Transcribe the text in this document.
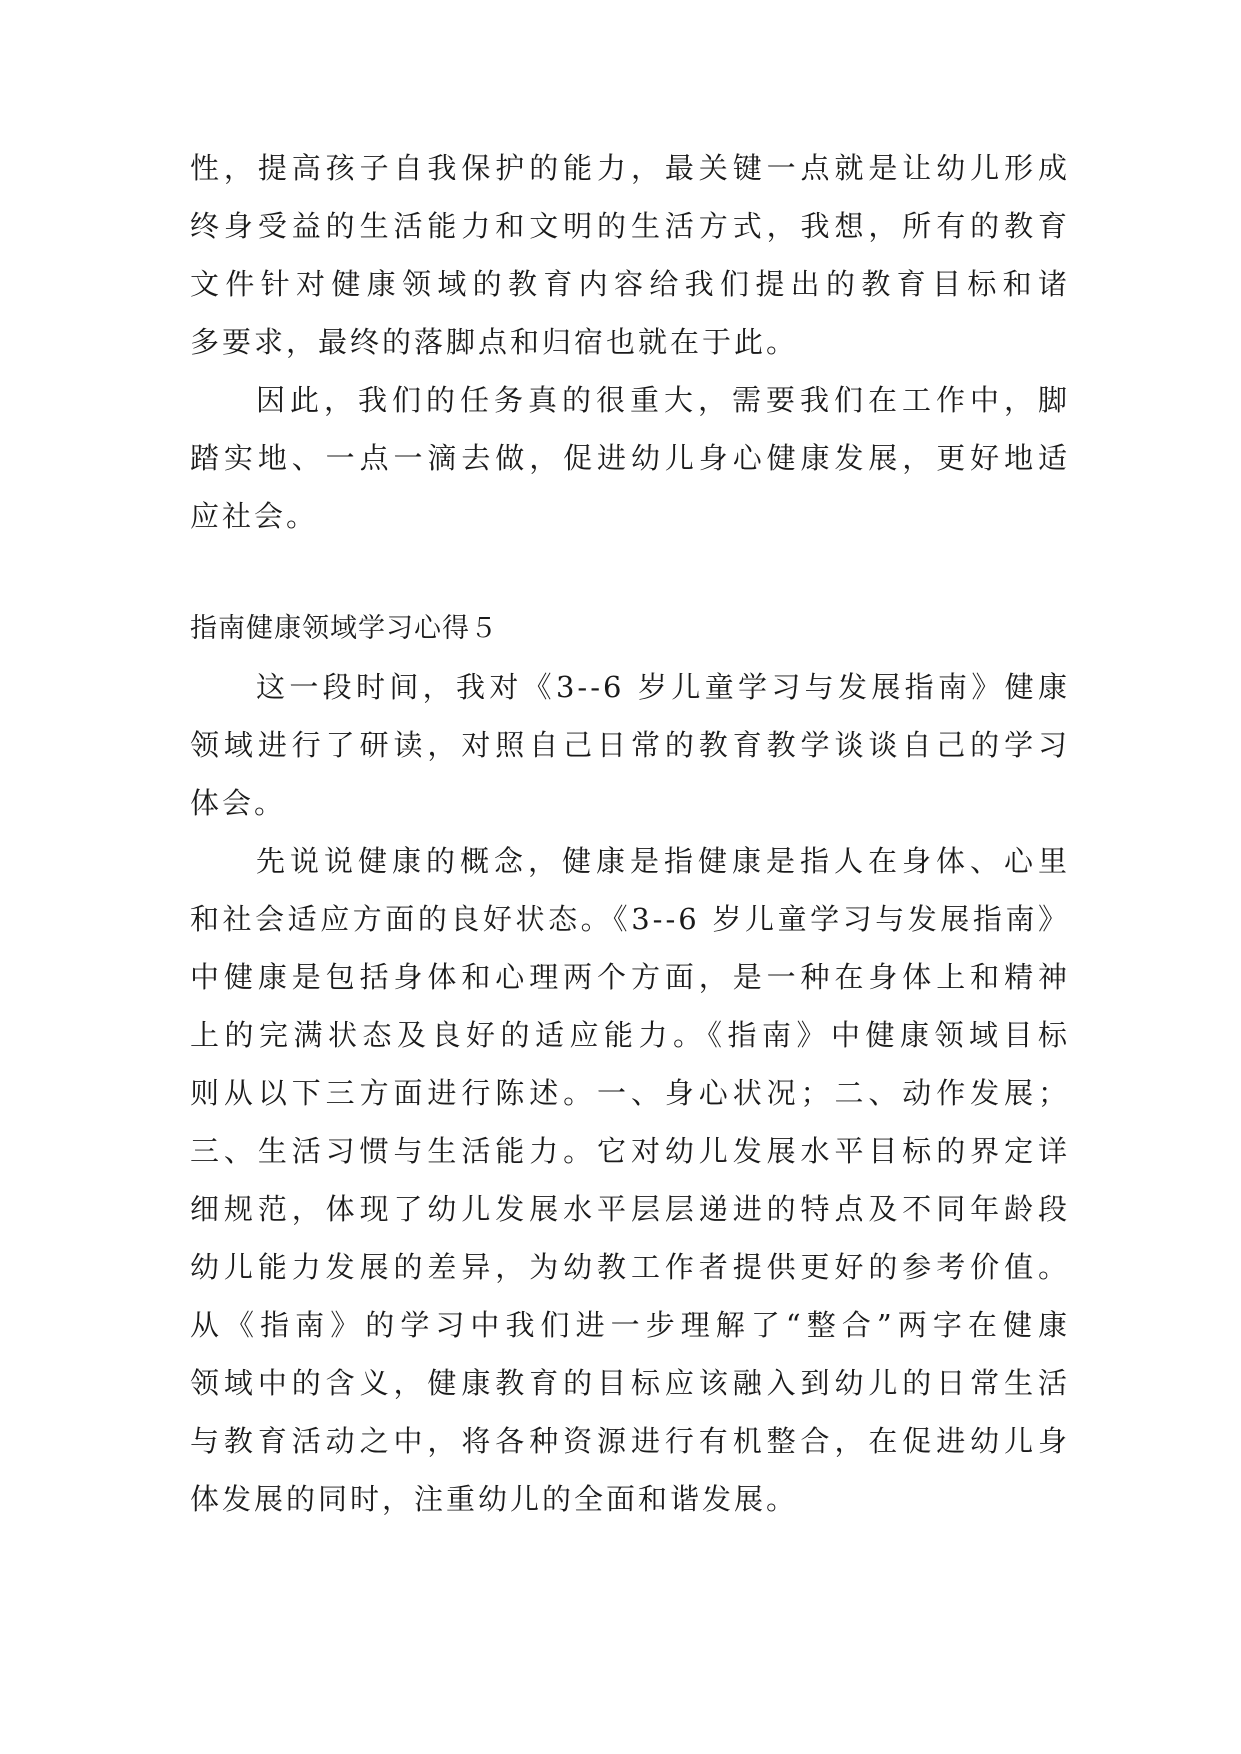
性，提高孩子自我保护的能力，最关键一点就是让幼儿形成
终身受益的生活能力和文明的生活方式，我想，所有的教育
文件针对健康领域的教育内容给我们提出的教育目标和诸
多要求，最终的落脚点和归宿也就在于此。
因此，我们的任务真的很重大，需要我们在工作中，脚
踏实地、一点一滴去做，促进幼儿身心健康发展，更好地适
应社会。
指南健康领域学习心得５
这一段时间，我对《3--6 岁儿童学习与发展指南》健康
领域进行了研读，对照自己日常的教育教学谈谈自己的学习
体会。
先说说健康的概念，健康是指健康是指人在身体、心里
和社会适应方面的良好状态。《3--6 岁儿童学习与发展指南》
中健康是包括身体和心理两个方面，是一种在身体上和精神
上的完满状态及良好的适应能力。《指南》中健康领域目标
则从以下三方面进行陈述。一、身心状况；二、动作发展；
三、生活习惯与生活能力。它对幼儿发展水平目标的界定详
细规范，体现了幼儿发展水平层层递进的特点及不同年龄段
幼儿能力发展的差异，为幼教工作者提供更好的参考价值。
从《指南》的学习中我们进一步理解了“整合”两字在健康
领域中的含义，健康教育的目标应该融入到幼儿的日常生活
与教育活动之中，将各种资源进行有机整合，在促进幼儿身
体发展的同时，注重幼儿的全面和谐发展。
